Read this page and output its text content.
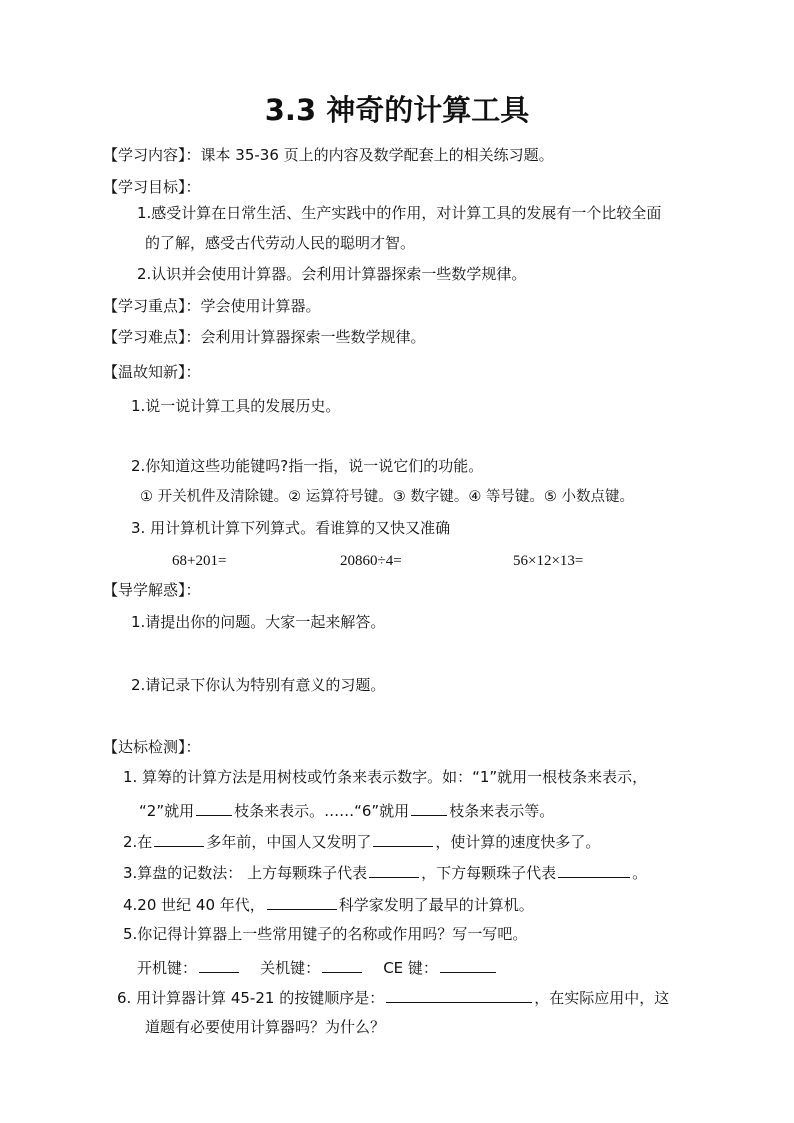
3.3 神奇的计算工具
【学习内容】：课本 35-36 页上的内容及数学配套上的相关练习题。
【学习目标】：
1.感受计算在日常生活、生产实践中的作用，对计算工具的发展有一个比较全面
的了解，感受古代劳动人民的聪明才智。
2.认识并会使用计算器。会利用计算器探索一些数学规律。
【学习重点】：学会使用计算器。
【学习难点】：会利用计算器探索一些数学规律。
【温故知新】：
1.说一说计算工具的发展历史。
2.你知道这些功能键吗?指一指，说一说它们的功能。
① 开关机件及清除键。② 运算符号键。③ 数字键。④ 等号键。⑤ 小数点键。
3. 用计算机计算下列算式。看谁算的又快又准确
68+201=	20860÷4=	56×12×13=
【导学解惑】：
1.请提出你的问题。大家一起来解答。
2.请记录下你认为特别有意义的习题。
【达标检测】：
1. 算筹的计算方法是用树枝或竹条来表示数字。如：“1”就用一根枝条来表示，
“2”就用	枝条来表示。……“6”就用	枝条来表示等。
2.在	多年前，中国人又发明了	，使计算的速度快多了。
3.算盘的记数法： 上方每颗珠子代表	，下方每颗珠子代表	。
4.20 世纪 40 年代，	科学家发明了最早的计算机。
5.你记得计算器上一些常用键子的名称或作用吗？写一写吧。
开机键：	关机键：	CE 键：
6. 用计算器计算 45-21 的按键顺序是：	，在实际应用中，这
道题有必要使用计算器吗？为什么？
